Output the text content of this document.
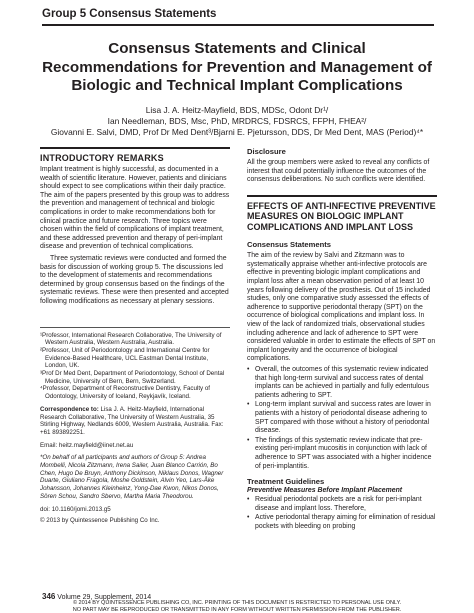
Group 5 Consensus Statements
Consensus Statements and Clinical Recommendations for Prevention and Management of Biologic and Technical Implant Complications
Lisa J. A. Heitz-Mayfield, BDS, MDSc, Odont Dr¹/
Ian Needleman, BDS, Msc, PhD, MRDRCS, FDSRCS, FFPH, FHEA²/
Giovanni E. Salvi, DMD, Prof Dr Med Dent³/Bjarni E. Pjetursson, DDS, Dr Med Dent, MAS (Period)⁴*
INTRODUCTORY REMARKS

Implant treatment is highly successful, as documented in a wealth of scientific literature. However, patients and clinicians should expect to see complications within their daily practice. The aim of the papers presented by this group was to address the prevention and management of technical and biologic complications in order to make recommendations both for clinical practice and future research. Three topics were chosen within the field of complications of implant treatment, and these addressed prevention and therapy of peri-implant disease and prevention of technical complications.

Three systematic reviews were conducted and formed the basis for discussion of working group 5. The discussions led to the development of statements and recommendations determined by group consensus based on the findings of the systematic reviews. These were then presented and accepted following modifications as necessary at plenary sessions.

¹Professor, International Research Collaborative, The University of Western Australia, Western Australia, Australia.

²Professor, Unit of Periodontology and International Centre for Evidence-Based Healthcare, UCL Eastman Dental Institute, London, UK.

³Prof Dr Med Dent, Department of Periodontology, School of Dental Medicine, University of Bern, Bern, Switzerland.

⁴Professor, Department of Reconstructive Dentistry, Faculty of Odontology, University of Iceland, Reykjavík, Iceland.

Correspondence to: Lisa J. A. Heitz-Mayfield, International Research Collaborative, The University of Western Australia, 35 Stirling Highway, Nedlands 6009, Western Australia, Australia. Fax: +61 893892251.
Email: heitz.mayfield@iinet.net.au
*On behalf of all participants and authors of Group 5: Andrea Mombelli, Nicola Zitzmann, Irena Sailer, Juan Blanco Carrión, Bo Chen, Hugo De Bruyn, Anthony Dickinson, Niklaus Donos, Wagner Duarte, Giuliano Fragola, Moshe Goldstein, Alvin Yeo, Lars-Åke Johansson, Johannes Kleinheinz, Yong-Dae Kwon, Nikos Donos, Sören Schou, Sandro Sbervo, Martha Maria Theodorou.
doi: 10.1160/jomi.2013.g5
© 2013 by Quintessence Publishing Co Inc.
Disclosure

All the group members were asked to reveal any conflicts of interest that could potentially influence the outcomes of the consensus deliberations. No such conflicts were identified.

EFFECTS OF ANTI-INFECTIVE PREVENTIVE MEASURES ON BIOLOGIC IMPLANT COMPLICATIONS AND IMPLANT LOSS
Consensus Statements

The aim of the review by Salvi and Zitzmann was to systematically appraise whether anti-infective protocols are effective in preventing biologic implant complications and implant loss after a mean observation period of at least 10 years following delivery of the prosthesis. Out of 15 included studies, only one comparative study assessed the effects of adherence to supportive periodontal therapy (SPT) on the occurrence of biological complications and implant loss. In view of the lack of randomized trials, observational studies including adherence and lack of adherence to SPT were considered valuable in order to estimate the effects of SPT on implant longevity and the occurrence of biological complications.

• Overall, the outcomes of this systematic review indicated that high long-term survival and success rates of dental implants can be achieved in partially and fully edentulous patients adhering to SPT.
• Long-term implant survival and success rates are lower in patients with a history of periodontal disease adhering to SPT compared with those without a history of periodontal disease.
• The findings of this systematic review indicate that pre-existing peri-implant mucositis in conjunction with lack of adherence to SPT was associated with a higher incidence of peri-implantitis.
Treatment Guidelines
Preventive Measures Before Implant Placement
• Residual periodontal pockets are a risk for peri-implant disease and implant loss. Therefore,
• Active periodontal therapy aiming for elimination of residual pockets with bleeding on probing
346 Volume 29, Supplement, 2014
© 2014 BY QUINTESSENCE PUBLISHING CO, INC. PRINTING OF THIS DOCUMENT IS RESTRICTED TO PERSONAL USE ONLY.
NO PART MAY BE REPRODUCED OR TRANSMITTED IN ANY FORM WITHOUT WRITTEN PERMISSION FROM THE PUBLISHER.
